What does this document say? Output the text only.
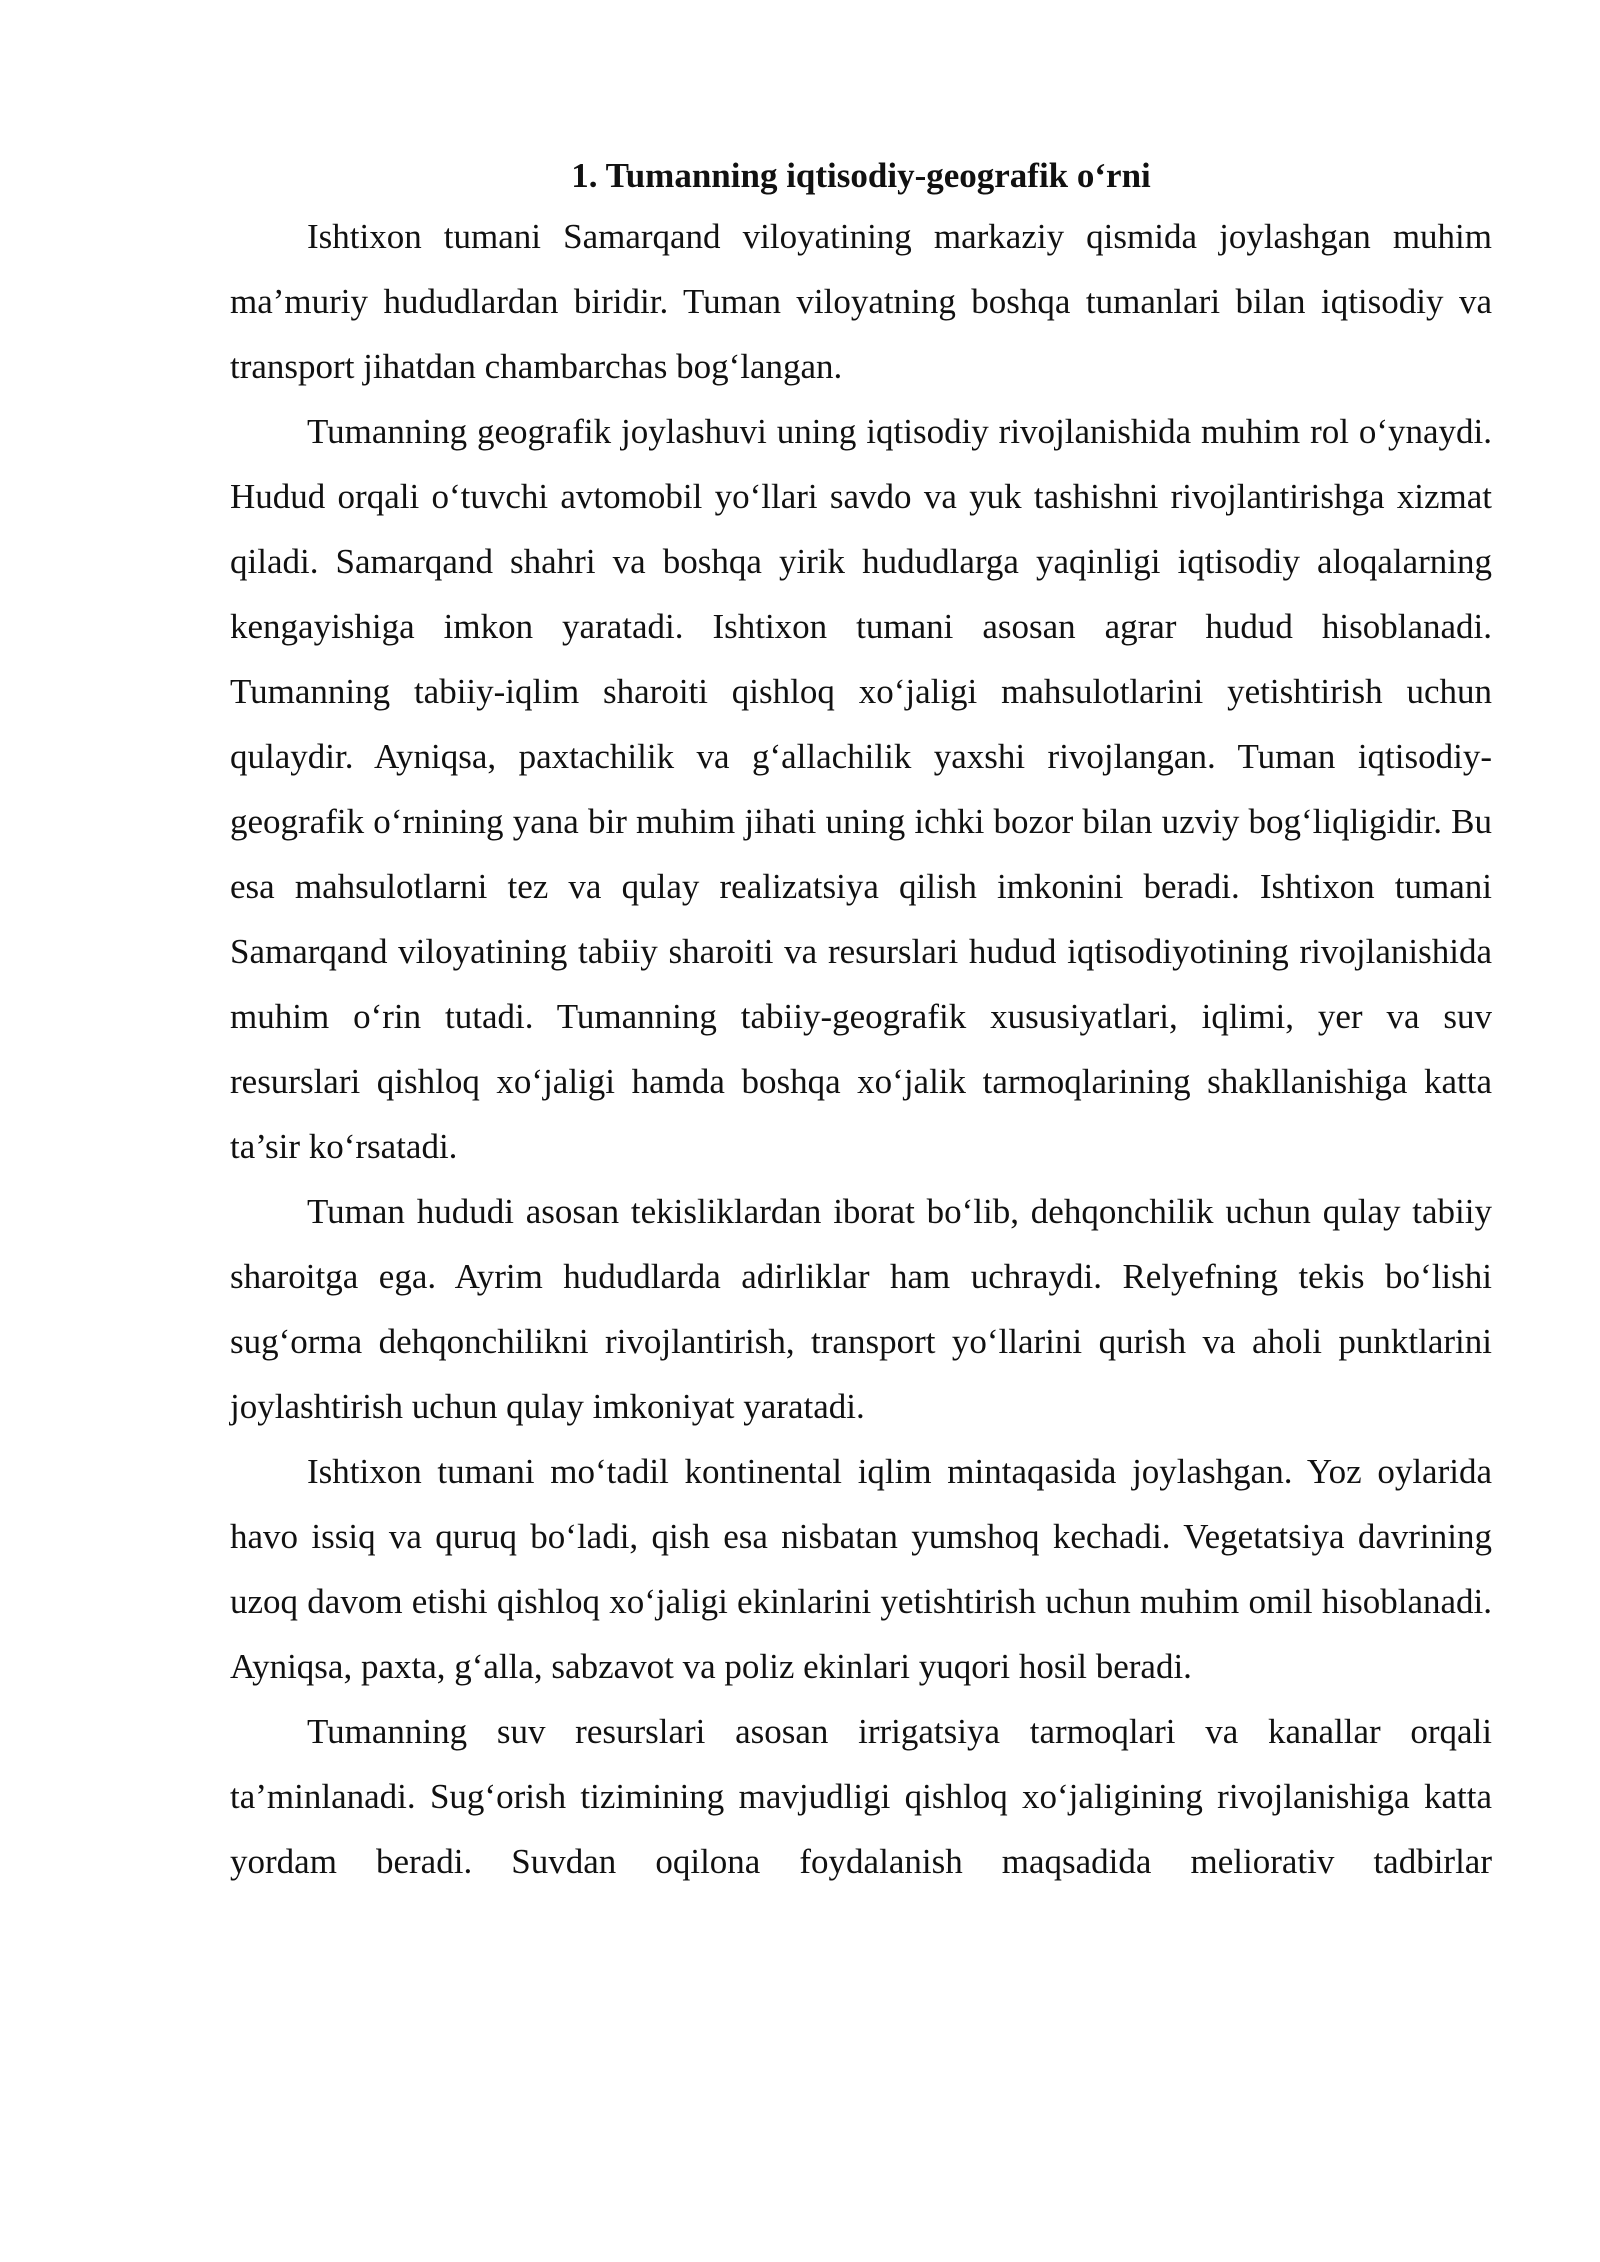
1. Tumanning iqtisodiy-geografik o‘rni

Ishtixon tumani Samarqand viloyatining markaziy qismida joylashgan muhim ma’muriy hududlardan biridir. Tuman viloyatning boshqa tumanlari bilan iqtisodiy va transport jihatdan chambarchas bog‘langan.

Tumanning geografik joylashuvi uning iqtisodiy rivojlanishida muhim rol o‘ynaydi. Hudud orqali o‘tuvchi avtomobil yo‘llari savdo va yuk tashishni rivojlantirishga xizmat qiladi. Samarqand shahri va boshqa yirik hududlarga yaqinligi iqtisodiy aloqalarning kengayishiga imkon yaratadi. Ishtixon tumani asosan agrar hudud hisoblanadi. Tumanning tabiiy-iqlim sharoiti qishloq xo‘jaligi mahsulotlarini yetishtirish uchun qulaydir. Ayniqsa, paxtachilik va g‘allachilik yaxshi rivojlangan. Tuman iqtisodiy-geografik o‘rnining yana bir muhim jihati uning ichki bozor bilan uzviy bog‘liqligidir. Bu esa mahsulotlarni tez va qulay realizatsiya qilish imkonini beradi. Ishtixon tumani Samarqand viloyatining tabiiy sharoiti va resurslari hudud iqtisodiyotining rivojlanishida muhim o‘rin tutadi. Tumanning tabiiy-geografik xususiyatlari, iqlimi, yer va suv resurslari qishloq xo‘jaligi hamda boshqa xo‘jalik tarmoqlarining shakllanishiga katta ta’sir ko‘rsatadi.

Tuman hududi asosan tekisliklardan iborat bo‘lib, dehqonchilik uchun qulay tabiiy sharoitga ega. Ayrim hududlarda adirliklar ham uchraydi. Relyefning tekis bo‘lishi sug‘orma dehqonchilikni rivojlantirish, transport yo‘llarini qurish va aholi punktlarini joylashtirish uchun qulay imkoniyat yaratadi.

Ishtixon tumani mo‘tadil kontinental iqlim mintaqasida joylashgan. Yoz oylarida havo issiq va quruq bo‘ladi, qish esa nisbatan yumshoq kechadi. Vegetatsiya davrining uzoq davom etishi qishloq xo‘jaligi ekinlarini yetishtirish uchun muhim omil hisoblanadi. Ayniqsa, paxta, g‘alla, sabzavot va poliz ekinlari yuqori hosil beradi.

Tumanning suv resurslari asosan irrigatsiya tarmoqlari va kanallar orqali ta’minlanadi. Sug‘orish tizimining mavjudligi qishloq xo‘jaligining rivojlanishiga katta yordam beradi. Suvdan oqilona foydalanish maqsadida meliorativ tadbirlar
